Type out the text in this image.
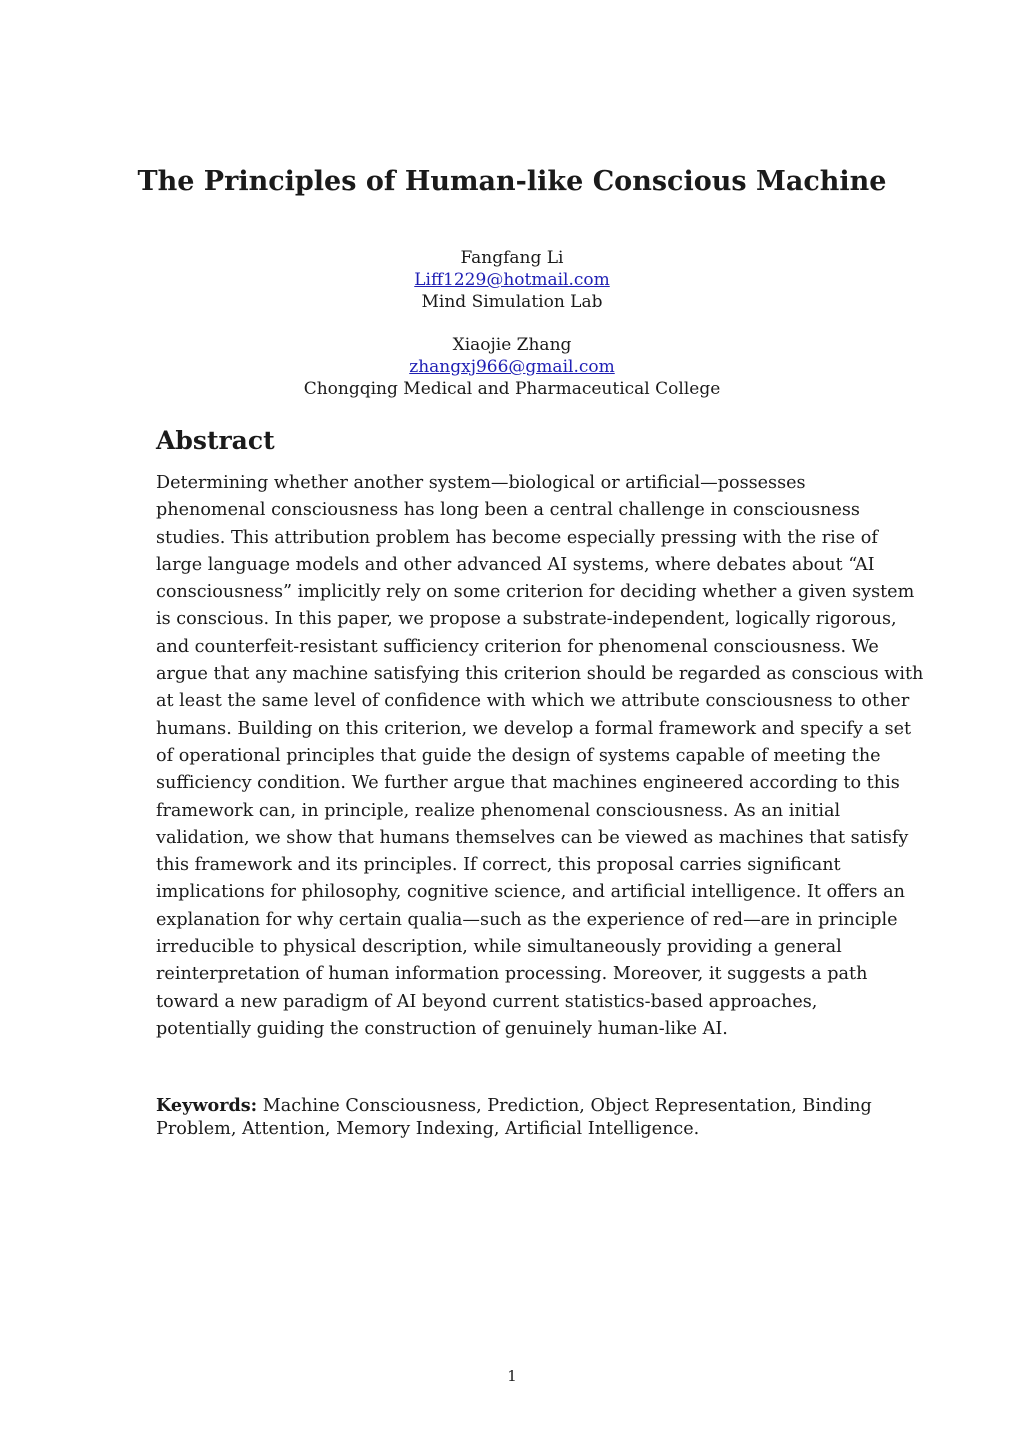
The Principles of Human-like Conscious Machine
Fangfang Li
Liff1229@hotmail.com
Mind Simulation Lab
Xiaojie Zhang
zhangxj966@gmail.com
Chongqing Medical and Pharmaceutical College
Abstract

Determining whether another system—biological or artificial—possesses
phenomenal consciousness has long been a central challenge in consciousness
studies. This attribution problem has become especially pressing with the rise of
large language models and other advanced AI systems, where debates about “AI
consciousness” implicitly rely on some criterion for deciding whether a given system
is conscious. In this paper, we propose a substrate-independent, logically rigorous,
and counterfeit-resistant sufficiency criterion for phenomenal consciousness. We
argue that any machine satisfying this criterion should be regarded as conscious with
at least the same level of confidence with which we attribute consciousness to other
humans. Building on this criterion, we develop a formal framework and specify a set
of operational principles that guide the design of systems capable of meeting the
sufficiency condition. We further argue that machines engineered according to this
framework can, in principle, realize phenomenal consciousness. As an initial
validation, we show that humans themselves can be viewed as machines that satisfy
this framework and its principles. If correct, this proposal carries significant
implications for philosophy, cognitive science, and artificial intelligence. It offers an
explanation for why certain qualia—such as the experience of red—are in principle
irreducible to physical description, while simultaneously providing a general
reinterpretation of human information processing. Moreover, it suggests a path
toward a new paradigm of AI beyond current statistics-based approaches,
potentially guiding the construction of genuinely human-like AI.

Keywords: Machine Consciousness, Prediction, Object Representation, Binding
Problem, Attention, Memory Indexing, Artificial Intelligence.

1
